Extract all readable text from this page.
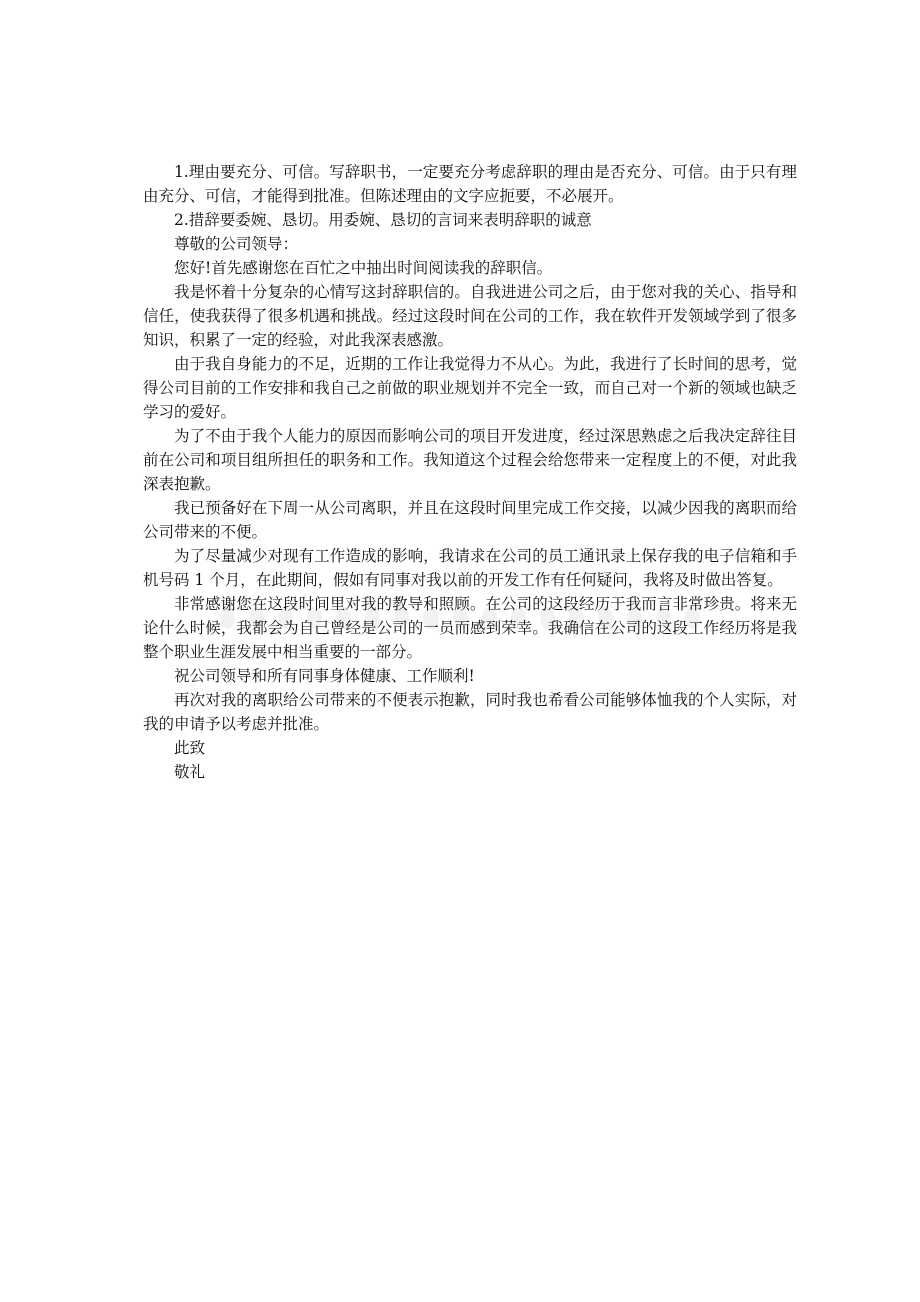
1.理由要充分、可信。写辞职书，一定要充分考虑辞职的理由是否充分、可信。由于只有理由充分、可信，才能得到批准。但陈述理由的文字应扼要，不必展开。

2.措辞要委婉、恳切。用委婉、恳切的言词来表明辞职的诚意

尊敬的公司领导：

您好!首先感谢您在百忙之中抽出时间阅读我的辞职信。

我是怀着十分复杂的心情写这封辞职信的。自我进进公司之后，由于您对我的关心、指导和信任，使我获得了很多机遇和挑战。经过这段时间在公司的工作，我在软件开发领域学到了很多知识，积累了一定的经验，对此我深表感激。

由于我自身能力的不足，近期的工作让我觉得力不从心。为此，我进行了长时间的思考，觉得公司目前的工作安排和我自己之前做的职业规划并不完全一致，而自己对一个新的领域也缺乏学习的爱好。

为了不由于我个人能力的原因而影响公司的项目开发进度，经过深思熟虑之后我决定辞往目前在公司和项目组所担任的职务和工作。我知道这个过程会给您带来一定程度上的不便，对此我深表抱歉。

我已预备好在下周一从公司离职，并且在这段时间里完成工作交接，以减少因我的离职而给公司带来的不便。

为了尽量减少对现有工作造成的影响，我请求在公司的员工通讯录上保存我的电子信箱和手机号码 1 个月，在此期间，假如有同事对我以前的开发工作有任何疑问，我将及时做出答复。

非常感谢您在这段时间里对我的教导和照顾。在公司的这段经历于我而言非常珍贵。将来无论什么时候，我都会为自己曾经是公司的一员而感到荣幸。我确信在公司的这段工作经历将是我整个职业生涯发展中相当重要的一部分。

祝公司领导和所有同事身体健康、工作顺利!

再次对我的离职给公司带来的不便表示抱歉，同时我也希看公司能够体恤我的个人实际，对我的申请予以考虑并批准。

此致

敬礼
